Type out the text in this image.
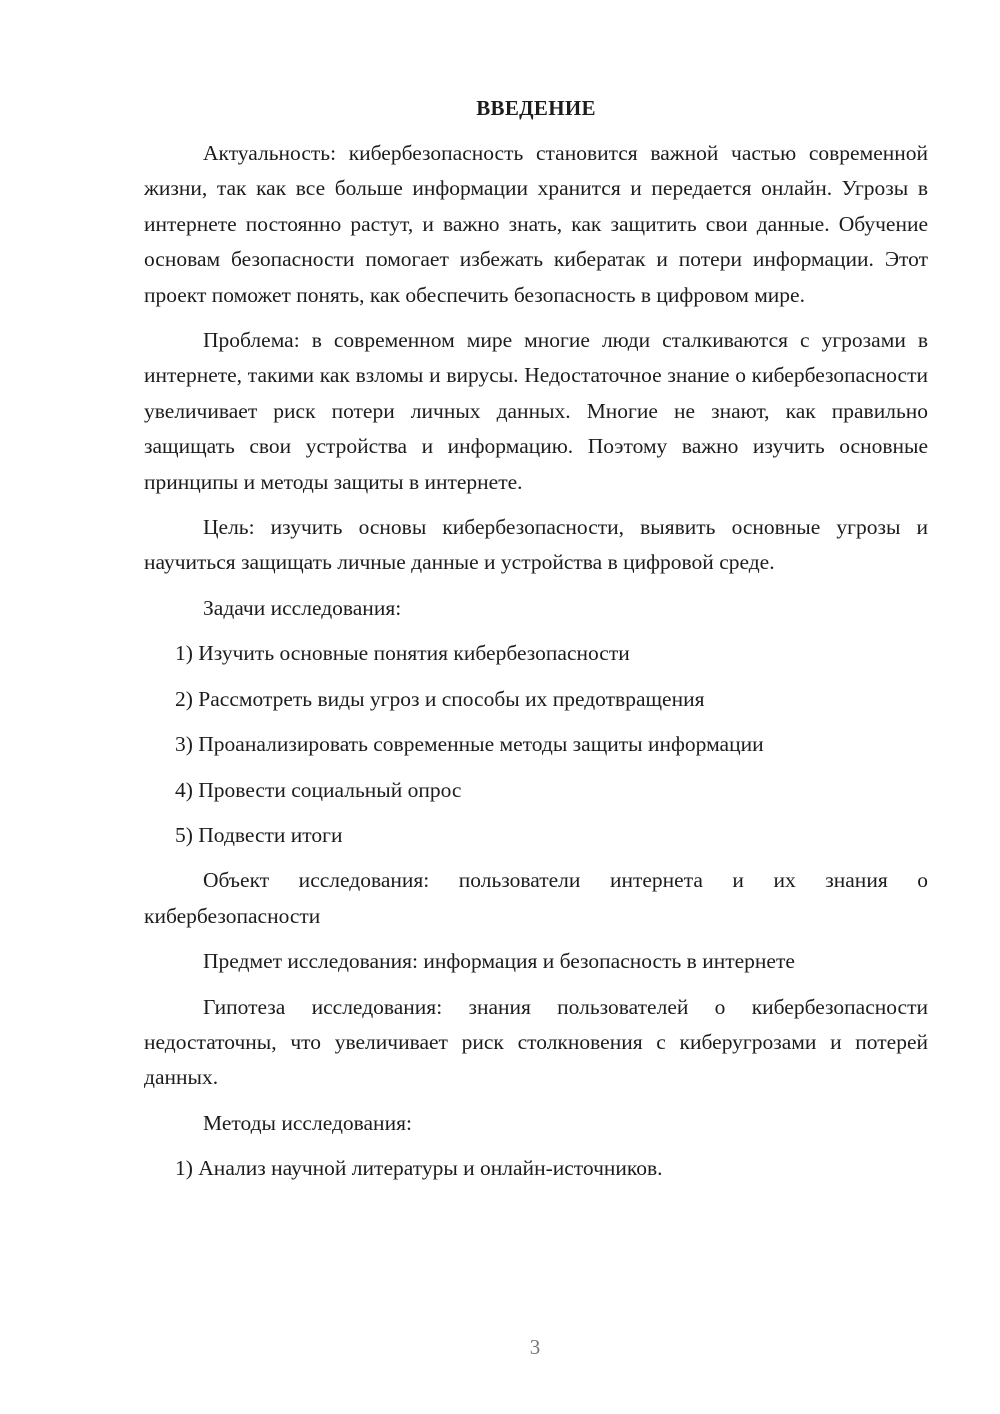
ВВЕДЕНИЕ

Актуальность: кибербезопасность становится важной частью современной жизни, так как все больше информации хранится и передается онлайн. Угрозы в интернете постоянно растут, и важно знать, как защитить свои данные. Обучение основам безопасности помогает избежать кибератак и потери информации. Этот проект поможет понять, как обеспечить безопасность в цифровом мире.

Проблема: в современном мире многие люди сталкиваются с угрозами в интернете, такими как взломы и вирусы. Недостаточное знание о кибербезопасности увеличивает риск потери личных данных. Многие не знают, как правильно защищать свои устройства и информацию. Поэтому важно изучить основные принципы и методы защиты в интернете.

Цель: изучить основы кибербезопасности, выявить основные угрозы и научиться защищать личные данные и устройства в цифровой среде.

Задачи исследования:

1) Изучить основные понятия кибербезопасности

2) Рассмотреть виды угроз и способы их предотвращения

3) Проанализировать современные методы защиты информации

4) Провести социальный опрос

5) Подвести итоги

Объект исследования: пользователи интернета и их знания о кибербезопасности

Предмет исследования: информация и безопасность в интернете

Гипотеза исследования: знания пользователей о кибербезопасности недостаточны, что увеличивает риск столкновения с киберугрозами и потерей данных.

Методы исследования:

1) Анализ научной литературы и онлайн-источников.

3
